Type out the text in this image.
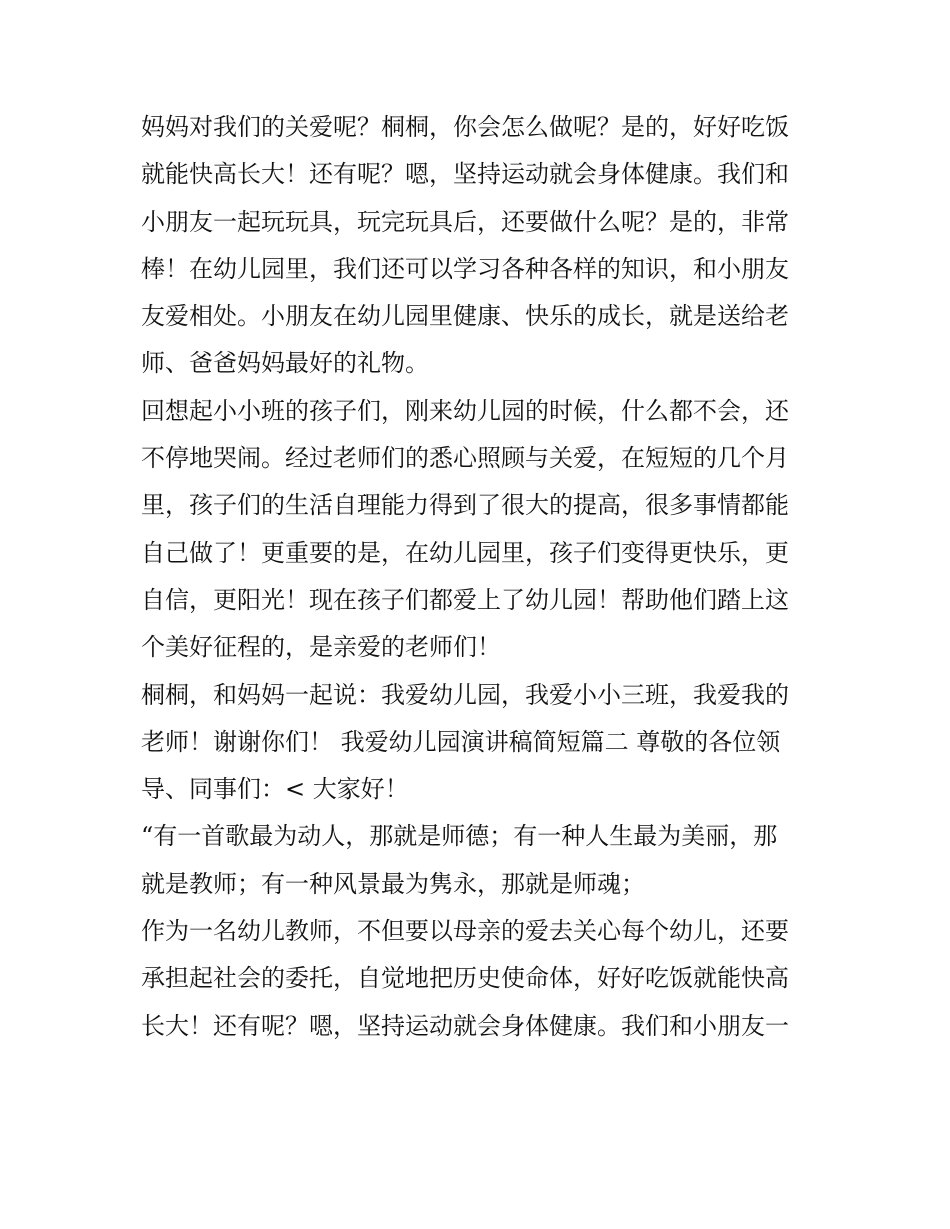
妈妈对我们的关爱呢？桐桐，你会怎么做呢？是的，好好吃饭
就能快高长大！还有呢？嗯，坚持运动就会身体健康。我们和
小朋友一起玩玩具，玩完玩具后，还要做什么呢？是的，非常
棒！在幼儿园里，我们还可以学习各种各样的知识，和小朋友
友爱相处。小朋友在幼儿园里健康、快乐的成长，就是送给老
师、爸爸妈妈最好的礼物。
回想起小小班的孩子们，刚来幼儿园的时候，什么都不会，还
不停地哭闹。经过老师们的悉心照顾与关爱，在短短的几个月
里，孩子们的生活自理能力得到了很大的提高，很多事情都能
自己做了！更重要的是，在幼儿园里，孩子们变得更快乐，更
自信，更阳光！现在孩子们都爱上了幼儿园！帮助他们踏上这
个美好征程的，是亲爱的老师们！
桐桐，和妈妈一起说：我爱幼儿园，我爱小小三班，我爱我的
老师！谢谢你们！ 我爱幼儿园演讲稿简短篇二 尊敬的各位领
导、同事们：< 大家好！
“有一首歌最为动人，那就是师德；有一种人生最为美丽，那
就是教师；有一种风景最为隽永，那就是师魂；
作为一名幼儿教师，不但要以母亲的爱去关心每个幼儿，还要
承担起社会的委托，自觉地把历史使命体，好好吃饭就能快高
长大！还有呢？嗯，坚持运动就会身体健康。我们和小朋友一
